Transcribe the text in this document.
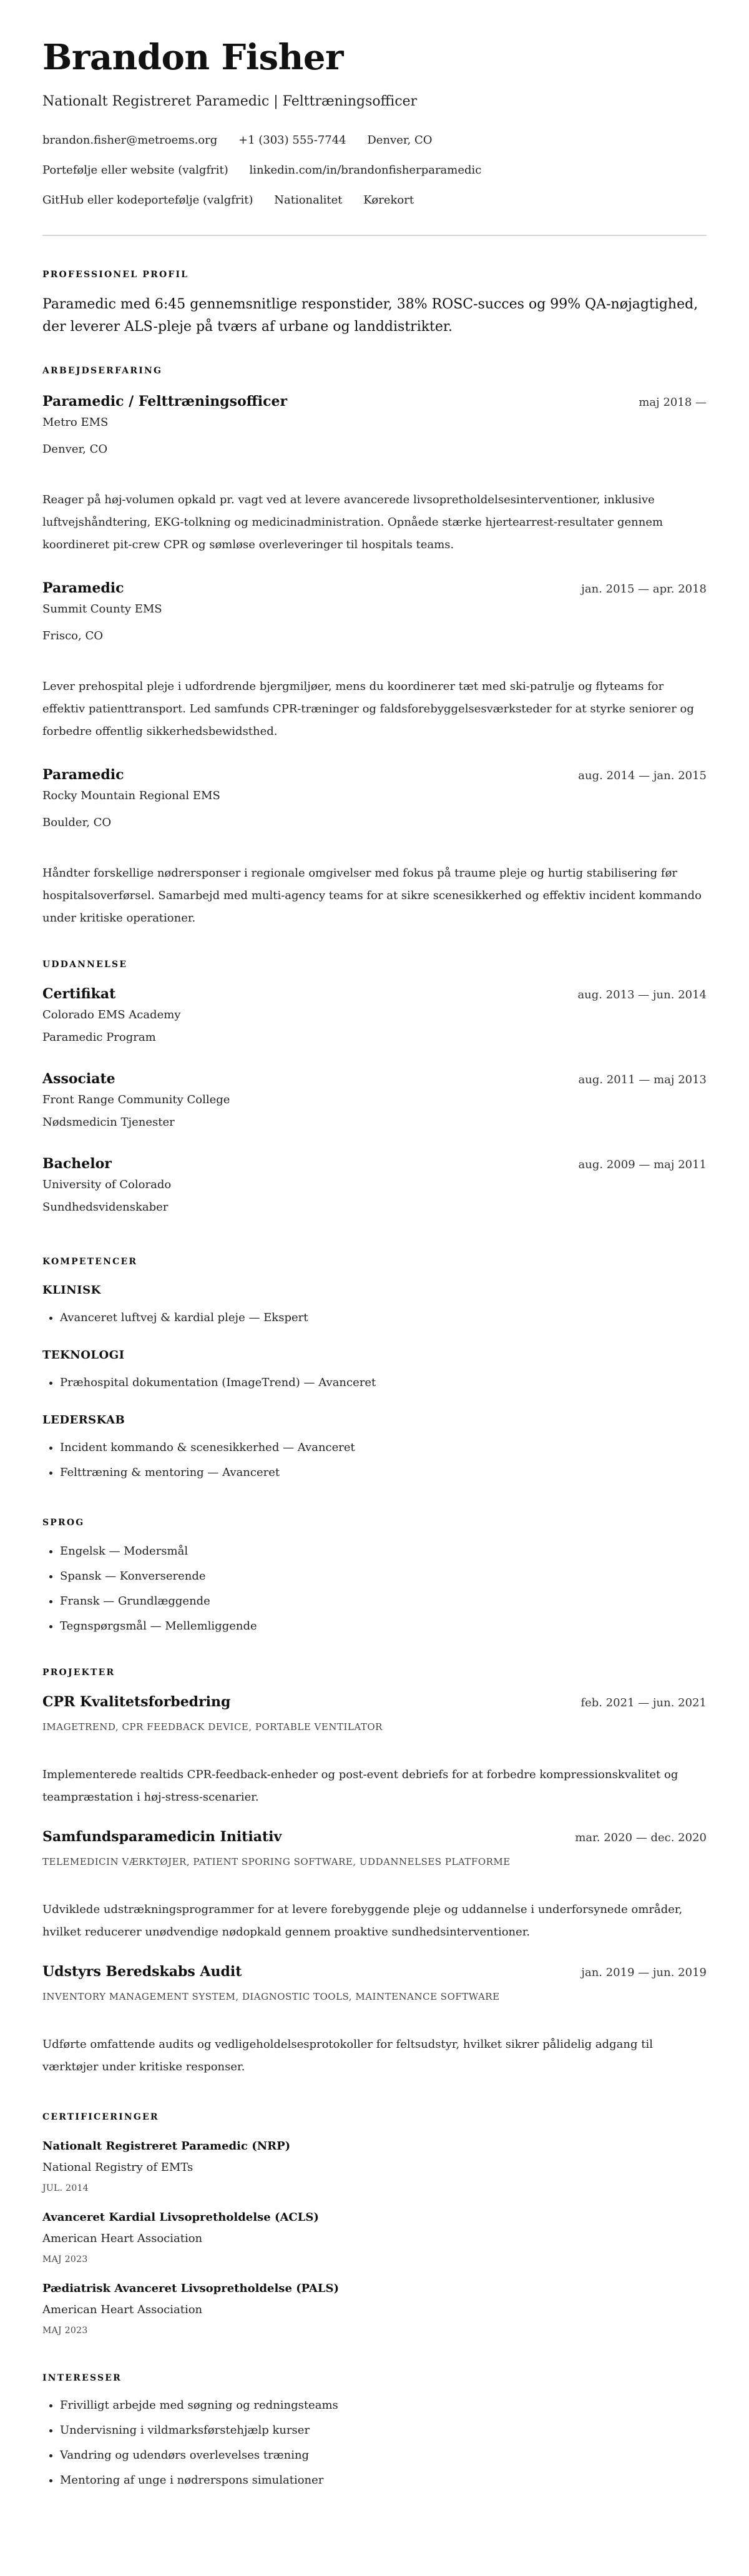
Brandon Fisher
Nationalt Registreret Paramedic | Felttræningsofficer
brandon.fisher@metroems.org +1 (303) 555-7744 Denver, CO
Portefølje eller website (valgfrit) linkedin.com/in/brandonfisherparamedic
GitHub eller kodeportefølje (valgfrit) Nationalitet Kørekort
PROFESSIONEL PROFIL

Paramedic med 6:45 gennemsnitlige responstider, 38% ROSC-succes og 99% QA-nøjagtighed, der leverer ALS-pleje på tværs af urbane og landdistrikter.

ARBEJDSERFARING
Paramedic / Felttræningsofficer	maj 2018 —
Metro EMS
Denver, CO
Reager på høj-volumen opkald pr. vagt ved at levere avancerede livsopretholdelsesinterventioner, inklusive luftvejshåndtering, EKG-tolkning og medicinadministration. Opnåede stærke hjertearrest-resultater gennem koordineret pit-crew CPR og sømløse overleveringer til hospitals teams.
Paramedic	jan. 2015 — apr. 2018
Summit County EMS
Frisco, CO
Lever prehospital pleje i udfordrende bjergmiljøer, mens du koordinerer tæt med ski-patrulje og flyteams for effektiv patienttransport. Led samfunds CPR-træninger og faldsforebyggelsesværksteder for at styrke seniorer og forbedre offentlig sikkerhedsbewidsthed.
Paramedic	aug. 2014 — jan. 2015
Rocky Mountain Regional EMS
Boulder, CO
Håndter forskellige nødrersponser i regionale omgivelser med fokus på traume pleje og hurtig stabilisering før hospitalsoverførsel. Samarbejd med multi-agency teams for at sikre scenesikkerhed og effektiv incident kommando under kritiske operationer.
UDDANNELSE
Certifikat	aug. 2013 — jun. 2014
Colorado EMS Academy
Paramedic Program
Associate	aug. 2011 — maj 2013
Front Range Community College
Nødsmedicin Tjenester
Bachelor	aug. 2009 — maj 2011
University of Colorado
Sundhedsvidenskaber
KOMPETENCER
KLINISK
• Avanceret luftvej & kardial pleje — Ekspert
TEKNOLOGI
• Præhospital dokumentation (ImageTrend) — Avanceret
LEDERSKAB
• Incident kommando & scenesikkerhed — Avanceret
• Felttræning & mentoring — Avanceret
SPROG
• Engelsk — Modersmål
• Spansk — Konverserende
• Fransk — Grundlæggende
• Tegnspørgsmål — Mellemliggende
PROJEKTER
CPR Kvalitetsforbedring	feb. 2021 — jun. 2021
IMAGETREND, CPR FEEDBACK DEVICE, PORTABLE VENTILATOR
Implementerede realtids CPR-feedback-enheder og post-event debriefs for at forbedre kompressionskvalitet og teampræstation i høj-stress-scenarier.
Samfundsparamedicin Initiativ	mar. 2020 — dec. 2020
TELEMEDICIN VÆRKTØJER, PATIENT SPORING SOFTWARE, UDDANNELSES PLATFORME
Udviklede udstrækningsprogrammer for at levere forebyggende pleje og uddannelse i underforsynede områder, hvilket reducerer unødvendige nødopkald gennem proaktive sundhedsinterventioner.
Udstyrs Beredskabs Audit	jan. 2019 — jun. 2019
INVENTORY MANAGEMENT SYSTEM, DIAGNOSTIC TOOLS, MAINTENANCE SOFTWARE
Udførte omfattende audits og vedligeholdelsesprotokoller for feltsudstyr, hvilket sikrer pålidelig adgang til værktøjer under kritiske responser.
CERTIFICERINGER
Nationalt Registreret Paramedic (NRP)
National Registry of EMTs
JUL. 2014
Avanceret Kardial Livsopretholdelse (ACLS)
American Heart Association
MAJ 2023
Pædiatrisk Avanceret Livsopretholdelse (PALS)
American Heart Association
MAJ 2023
INTERESSER
• Frivilligt arbejde med søgning og redningsteams
• Undervisning i vildmarksførstehjælp kurser
• Vandring og udendørs overlevelses træning
• Mentoring af unge i nødrerspons simulationer
